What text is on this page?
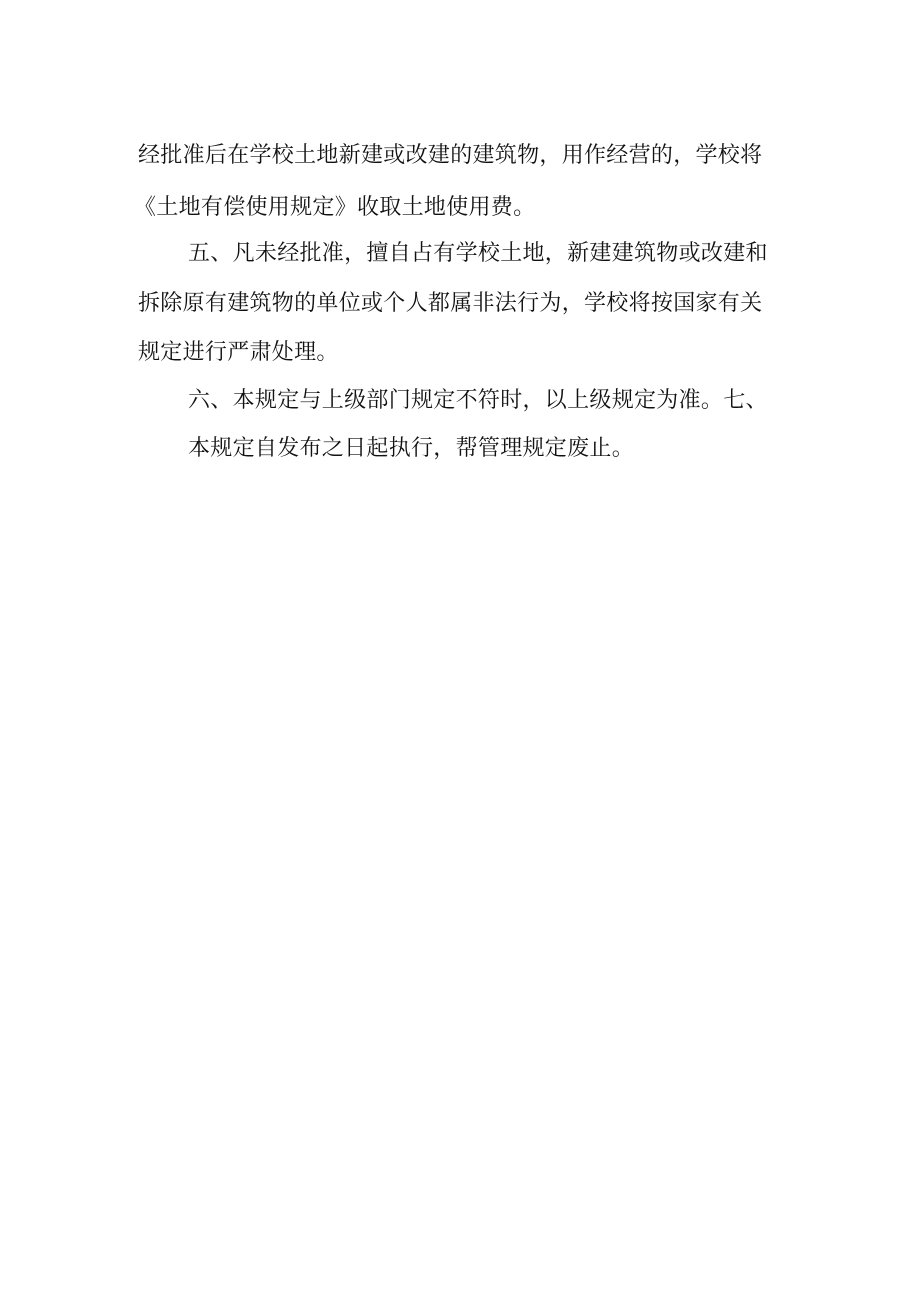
经批准后在学校土地新建或改建的建筑物，用作经营的，学校将
《土地有偿使用规定》收取土地使用费。
五、凡未经批准，擅自占有学校土地，新建建筑物或改建和
拆除原有建筑物的单位或个人都属非法行为，学校将按国家有关
规定进行严肃处理。
六、本规定与上级部门规定不符时，以上级规定为准。七、
本规定自发布之日起执行，帮管理规定废止。
